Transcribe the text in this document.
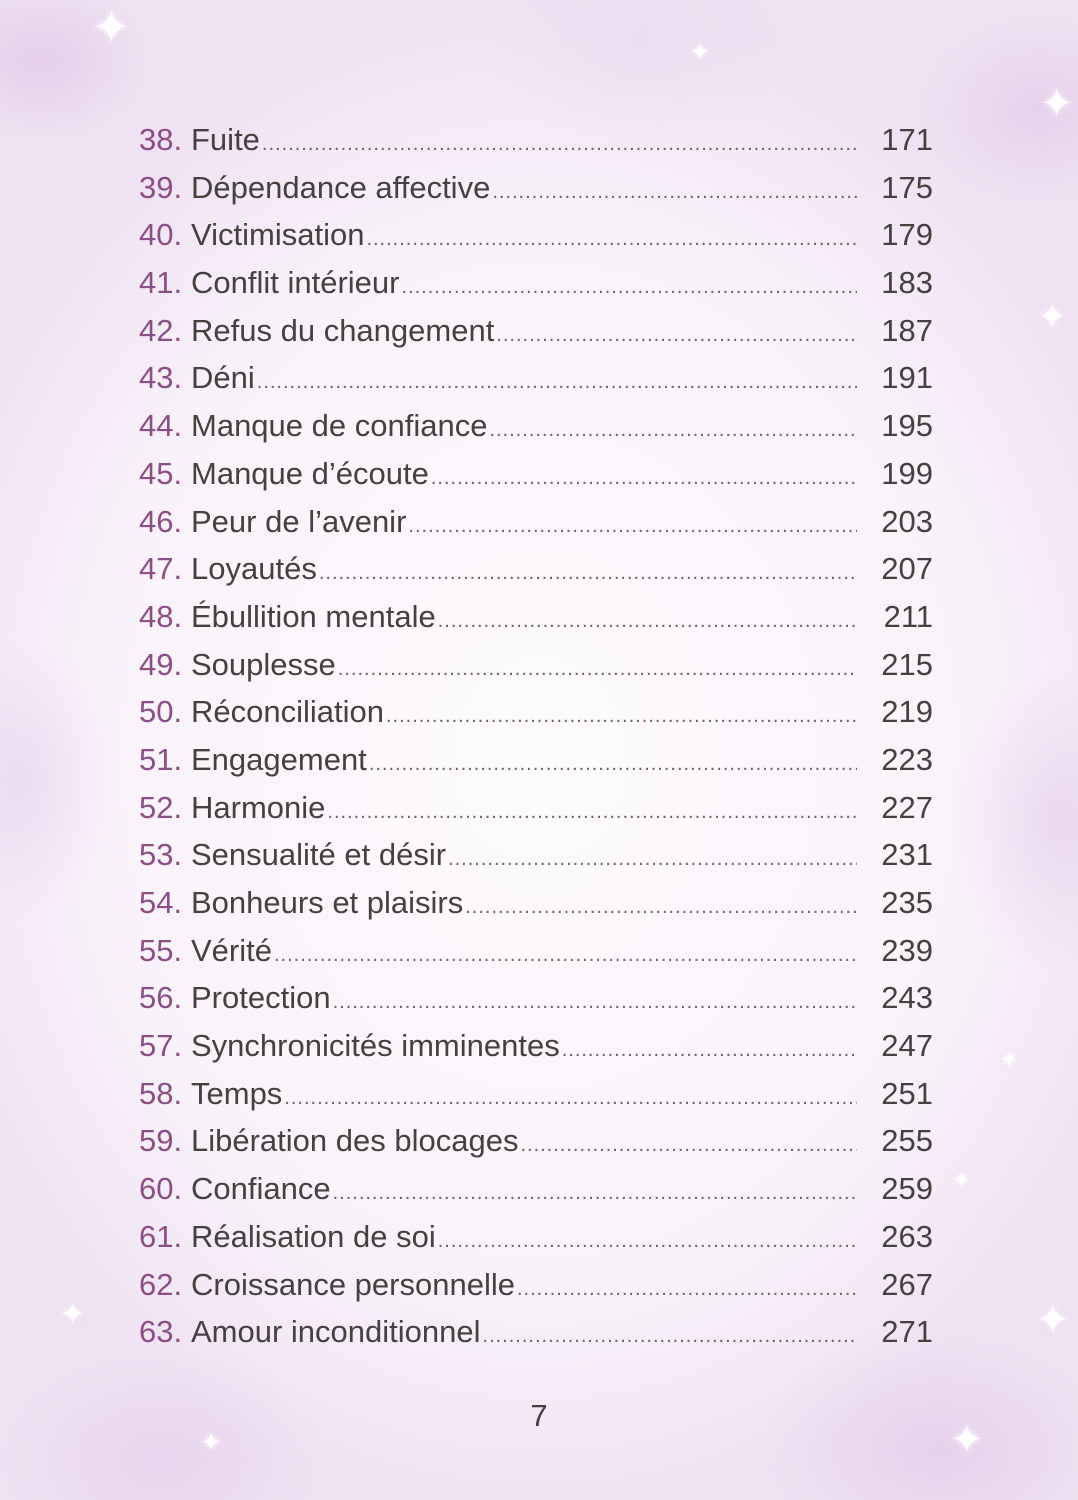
✦
✦
✦
✦
✦
✦
✦
✦
✦
✦
38. Fuite .....	171
39. Dépendance affective .....	175
40. Victimisation .....	179
41. Conflit intérieur .....	183
42. Refus du changement .....	187
43. Déni .....	191
44. Manque de confiance .....	195
45. Manque d’écoute .....	199
46. Peur de l’avenir .....	203
47. Loyautés .....	207
48. Ébullition mentale .....	211
49. Souplesse .....	215
50. Réconciliation .....	219
51. Engagement .....	223
52. Harmonie .....	227
53. Sensualité et désir .....	231
54. Bonheurs et plaisirs .....	235
55. Vérité .....	239
56. Protection .....	243
57. Synchronicités imminentes .....	247
58. Temps .....	251
59. Libération des blocages .....	255
60. Confiance .....	259
61. Réalisation de soi .....	263
62. Croissance personnelle .....	267
63. Amour inconditionnel .....	271
7
